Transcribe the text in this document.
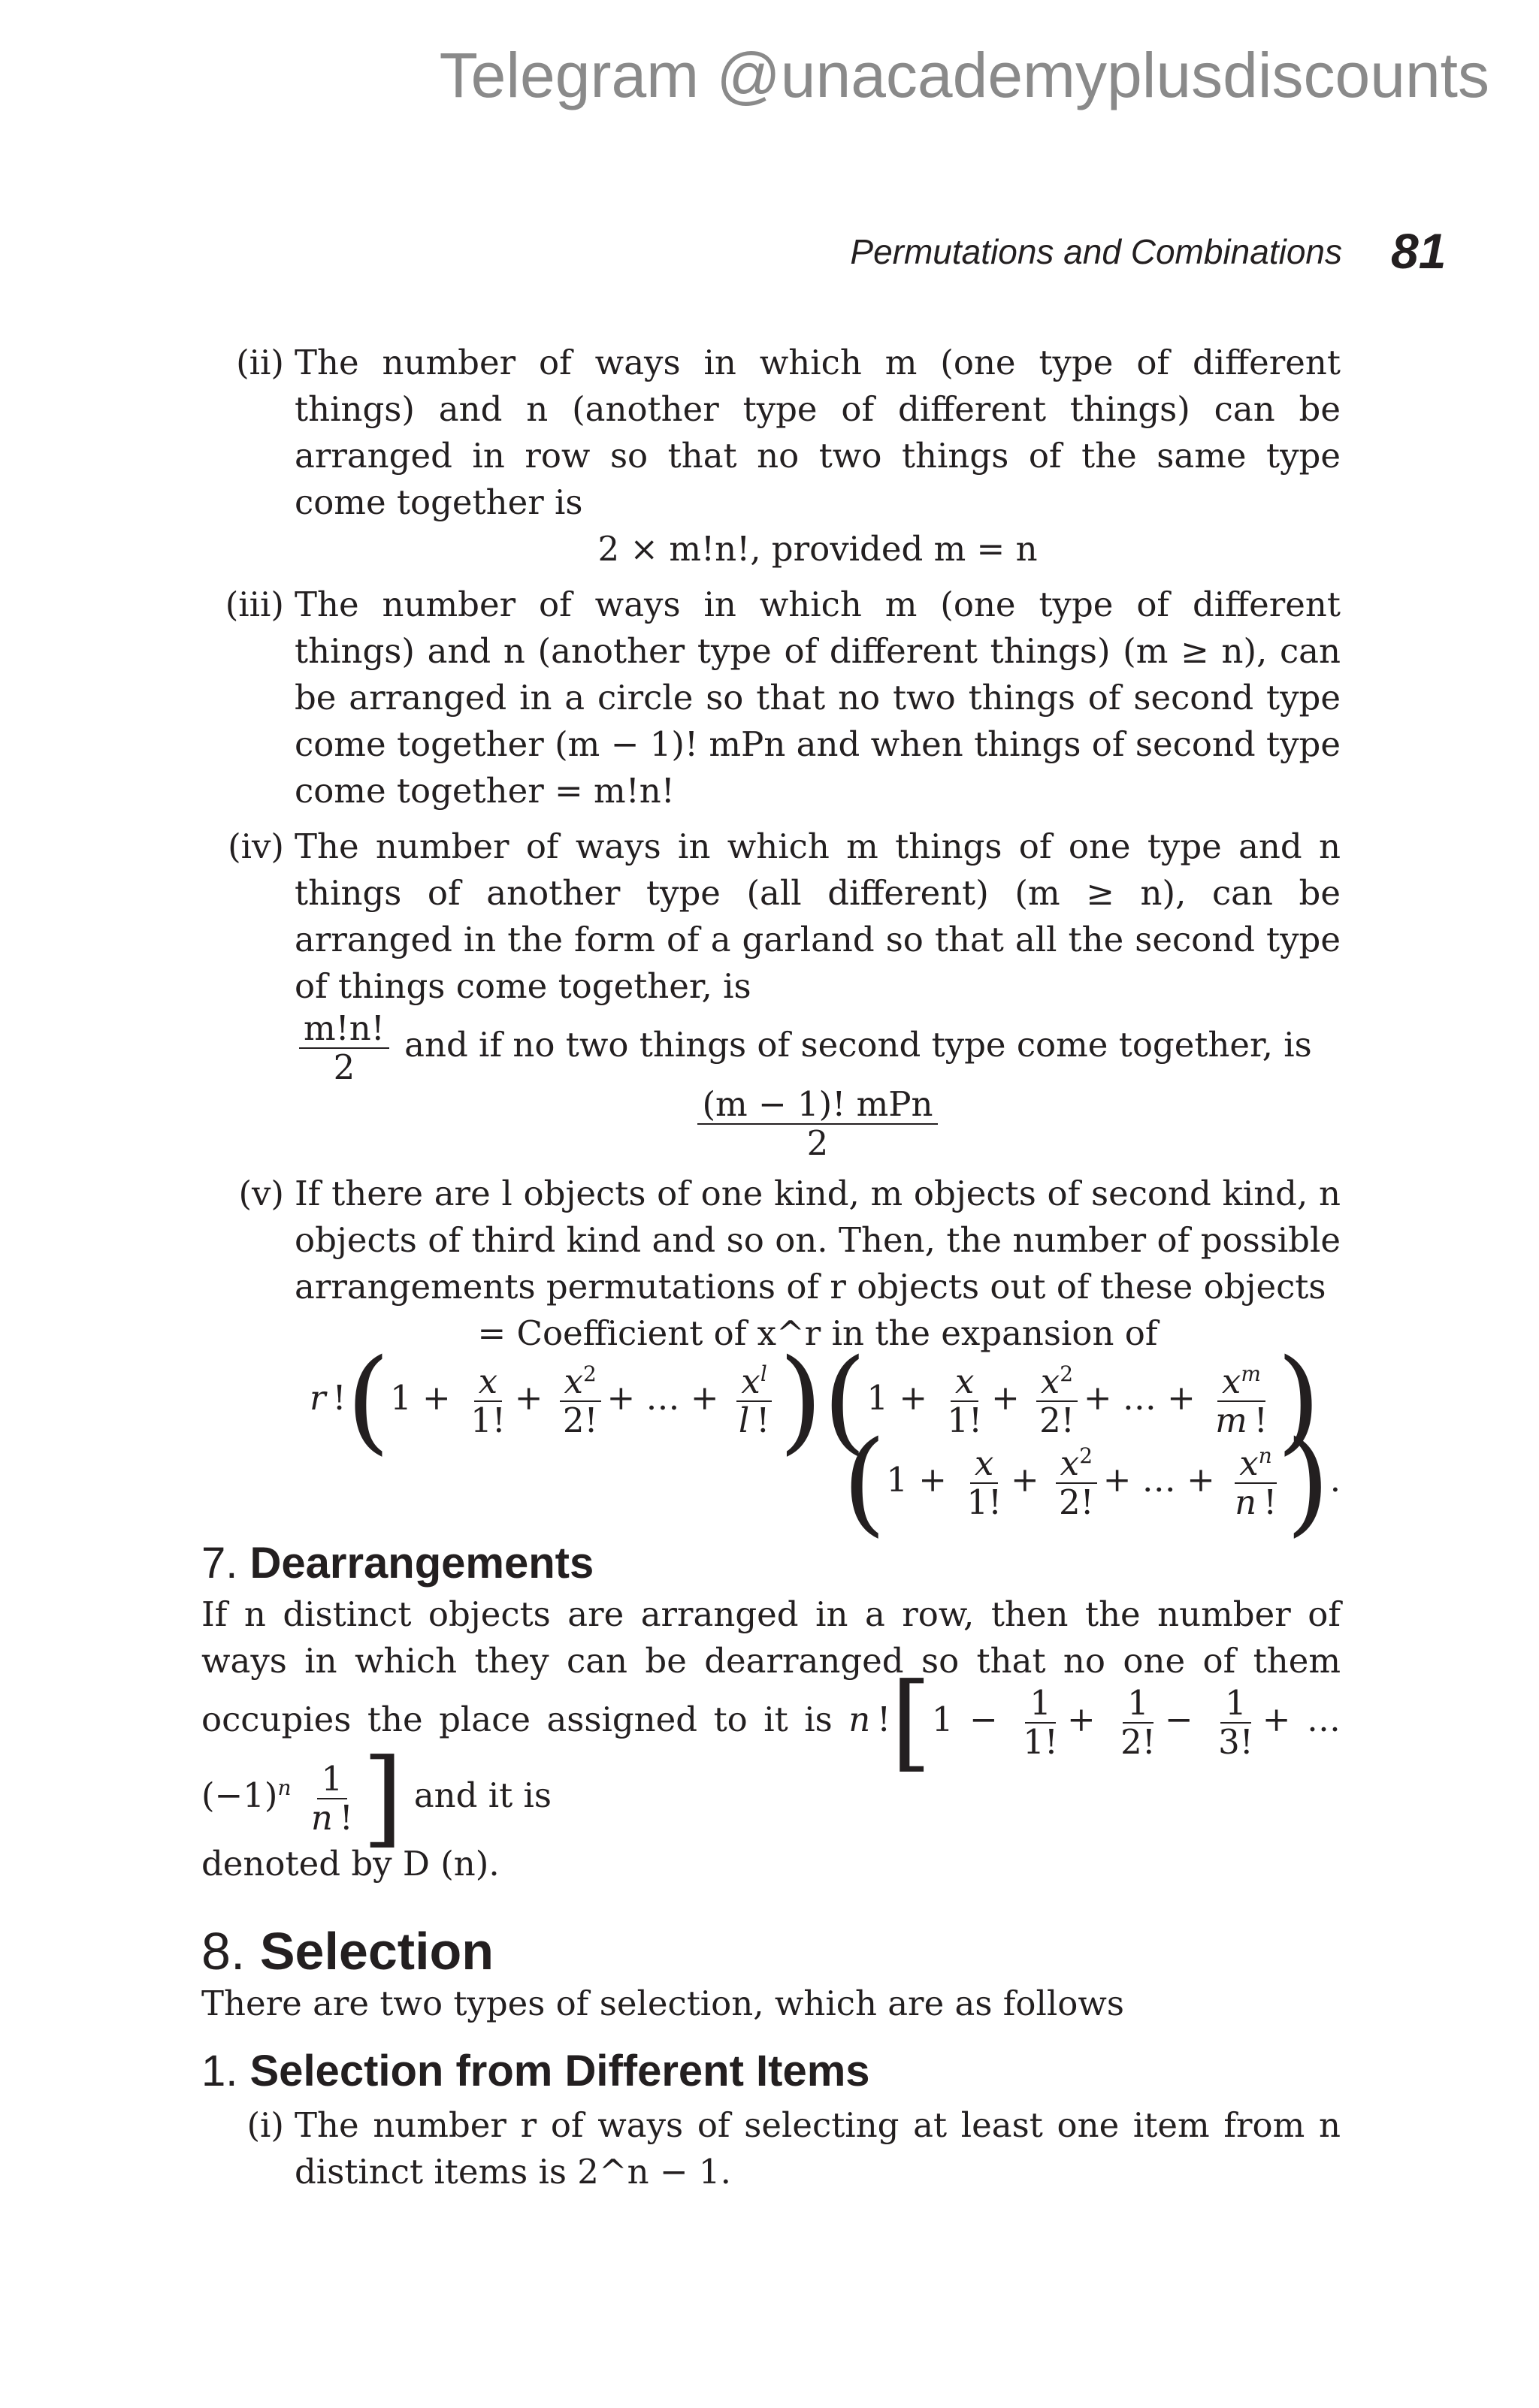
Telegram @unacademyplusdiscounts
Permutations and Combinations 81
(ii) The number of ways in which m (one type of different things) and n (another type of different things) can be arranged in row so that no two things of the same type come together is
2 × m!n!, provided m = n
(iii) The number of ways in which m (one type of different things) and n (another type of different things) (m ≥ n), can be arranged in a circle so that no two things of second type come together (m − 1)! mPn and when things of second type come together = m!n!
(iv) The number of ways in which m things of one type and n things of another type (all different) (m ≥ n), can be arranged in the form of a garland so that all the second type of things come together, is
$\frac{m!n!}{2}$ and if no two things of second type come together, is
$\frac{\text{(m − 1)! mPn}}{2}$
(v) If there are l objects of one kind, m objects of second kind, n objects of third kind and so on. Then, the number of possible arrangements permutations of r objects out of these objects
= Coefficient of x^r in the expansion of
r $!(1 + \frac{x}{1!} + \frac{x^2}{2!}$ + … + $\frac{x^l}{l !} )(1 + \frac{x}{1!} + \frac{x^2}{2!}$ + … + $\frac{x^m}{m !}$ )
($1 + \frac{x}{1!} + \frac{x^2}{2!}$ + … + $\frac{x^n}{n !}$ ).
7. Dearrangements
If n distinct objects are arranged in a row, then the number of ways in which they can be dearranged so that no one of them occupies the place assigned to it is n $![1 - \frac{1}{1!} + \frac{1}{2!} - \frac{1}{3!}$ + … $(-1)^n \frac{1}{n !}$ ] and it is
denoted by D (n).
8. Selection
There are two types of selection, which are as follows
1. Selection from Different Items
(i) The number r of ways of selecting at least one item from n distinct items is 2^n − 1.
